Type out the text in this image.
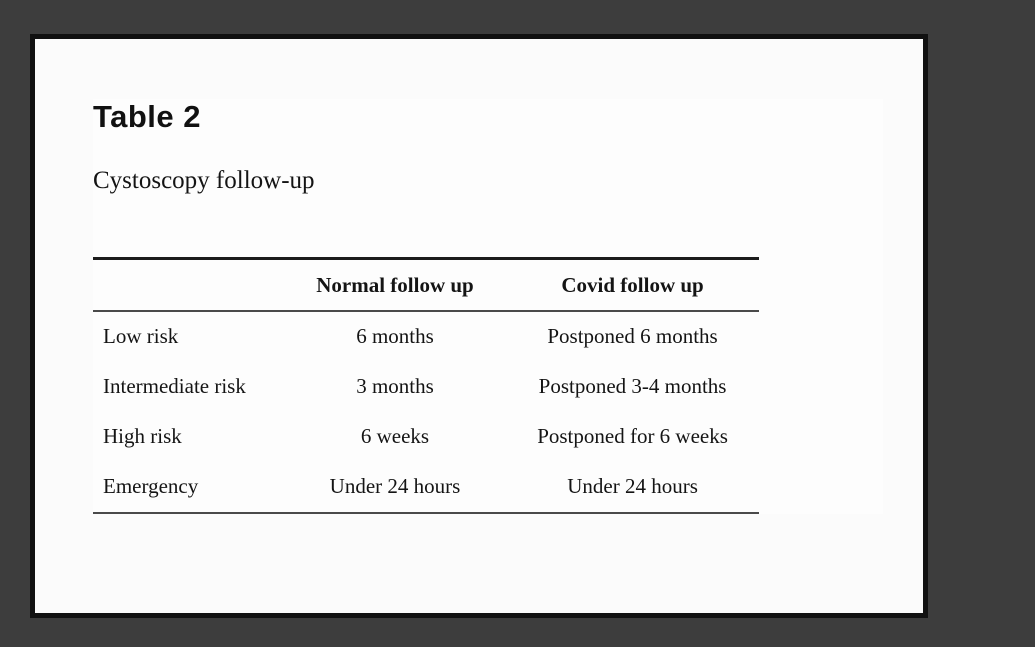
Table 2

Cystoscopy follow-up

	Normal follow up	Covid follow up
Low risk	6 months	Postponed 6 months
Intermediate risk	3 months	Postponed 3-4 months
High risk	6 weeks	Postponed for 6 weeks
Emergency	Under 24 hours	Under 24 hours
